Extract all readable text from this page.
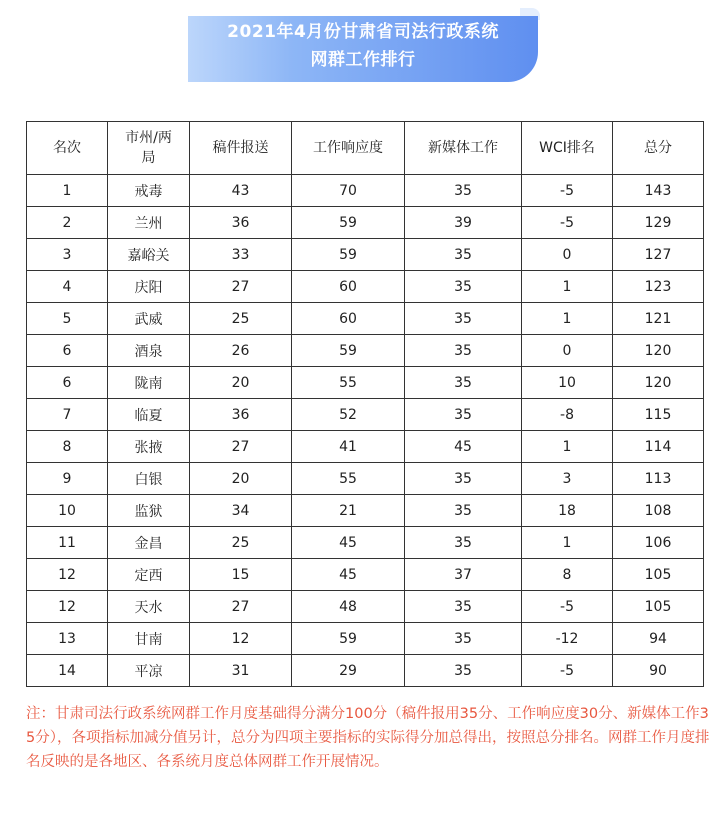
2021年4月份甘肃省司法行政系统
网群工作排行
名次	市州/两局	稿件报送	工作响应度	新媒体工作	WCI排名	总分
1	戒毒	43	70	35	-5	143
2	兰州	36	59	39	-5	129
3	嘉峪关	33	59	35	0	127
4	庆阳	27	60	35	1	123
5	武威	25	60	35	1	121
6	酒泉	26	59	35	0	120
6	陇南	20	55	35	10	120
7	临夏	36	52	35	-8	115
8	张掖	27	41	45	1	114
9	白银	20	55	35	3	113
10	监狱	34	21	35	18	108
11	金昌	25	45	35	1	106
12	定西	15	45	37	8	105
12	天水	27	48	35	-5	105
13	甘南	12	59	35	-12	94
14	平凉	31	29	35	-5	90
注：甘肃司法行政系统网群工作月度基础得分满分100分（稿件报用35分、工作响应度30分、新媒体工作35分），各项指标加减分值另计，总分为四项主要指标的实际得分加总得出，按照总分排名。网群工作月度排名反映的是各地区、各系统月度总体网群工作开展情况。
